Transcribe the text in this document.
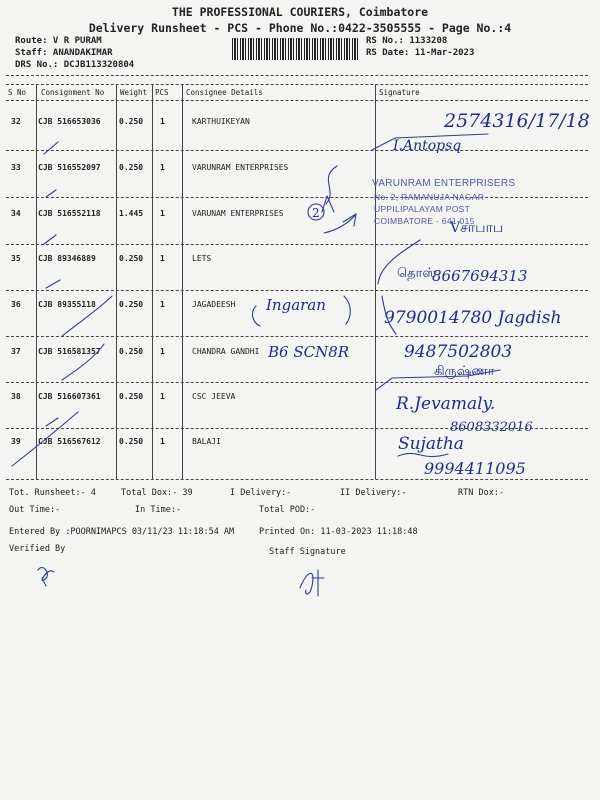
THE PROFESSIONAL COURIERS, Coimbatore
Delivery Runsheet - PCS - Phone No.:0422-3505555 - Page No.:4
Route: V R PURAM
Staff: ANANDAKIMAR
DRS No.: DCJB113320804
RS No.: 1133208
RS Date: 11-Mar-2023
S No Consignment No Weight PCS Consignee Details	Signature
32 CJB 516653036 0.250 1	KARTHUIKEYAN
33 CJB 516552097 0.250 1	VARUNRAM ENTERPRISES
34 CJB 516552118 1.445 1	VARUNAM ENTERPRISES
35 CJB 89346889	0.250 1	LETS
36 CJB 89355118	0.250 1	JAGADEESH
37 CJB 516581357 0.250 1	CHANDRA GANDHI
38 CJB 516607361 0.250 1	CSC JEEVA
39 CJB 516567612 0.250 1	BALAJI
VARUNRAM ENTERPRISERS
No. 2, RAMANUJA NAGAR
UPPILIPALAYAM POST
COIMBATORE - 641 015
2574316/17/18
I.Antopsq
2
Vசாபாப
தொஸ்
8667694313
Ingaran
9790014780 Jagdish
B6 SCN8R	9487502803
கிருஷ்ணா
R.Jevamaly.
8608332016
Sujatha
9994411095
Tot. Runsheet:- 4	Total Dox:- 39	I Delivery:-	II Delivery:-	RTN Dox:-
Out Time:-	In Time:-	Total POD:-
Entered By :POORNIMAPCS 03/11/23 11:18:54 AM	Printed On: 11-03-2023 11:18:48
Verified By	Staff Signature
